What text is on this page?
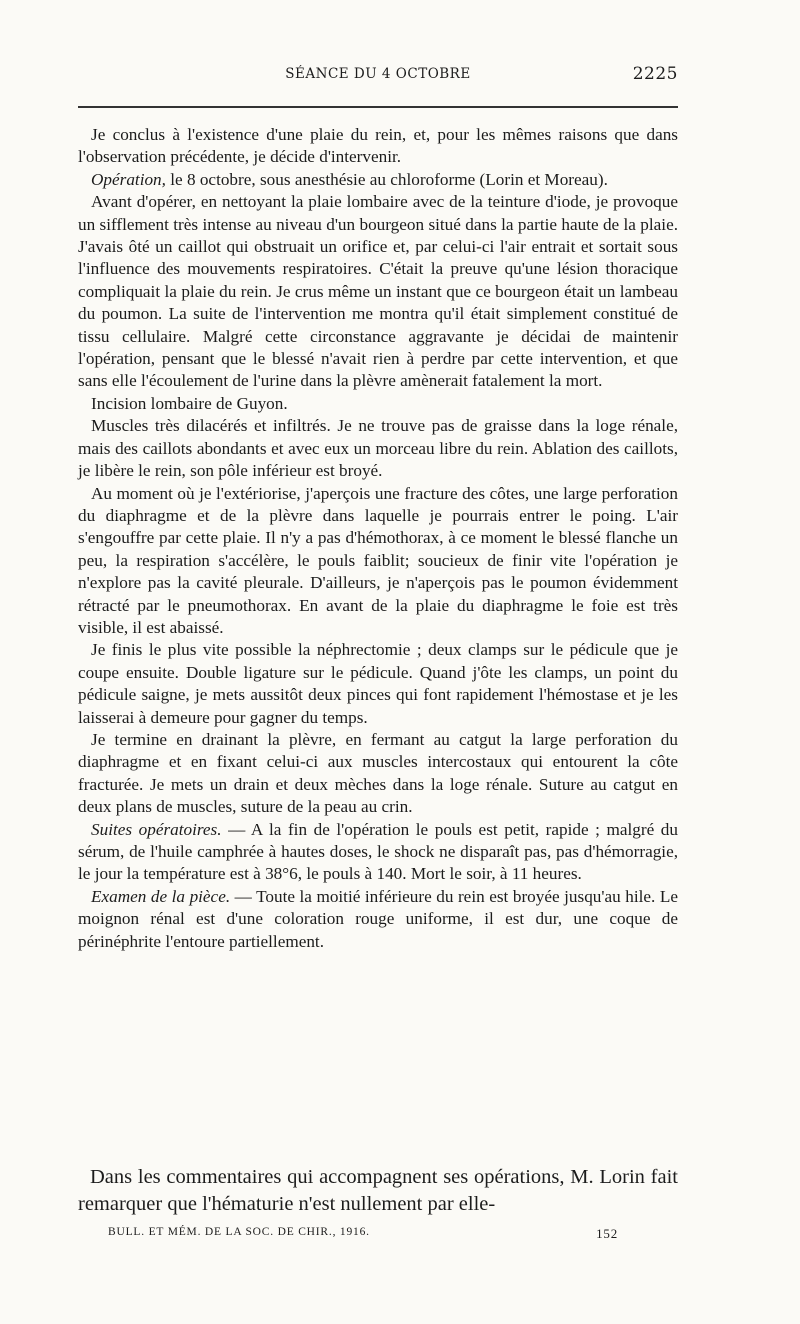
SÉANCE DU 4 OCTOBRE	2225

Je conclus à l'existence d'une plaie du rein, et, pour les mêmes raisons que dans l'observation précédente, je décide d'intervenir.

Opération, le 8 octobre, sous anesthésie au chloroforme (Lorin et Moreau).

Avant d'opérer, en nettoyant la plaie lombaire avec de la teinture d'iode, je provoque un sifflement très intense au niveau d'un bourgeon situé dans la partie haute de la plaie. J'avais ôté un caillot qui obstruait un orifice et, par celui-ci l'air entrait et sortait sous l'influence des mouvements respiratoires. C'était la preuve qu'une lésion thoracique compliquait la plaie du rein. Je crus même un instant que ce bourgeon était un lambeau du poumon. La suite de l'intervention me montra qu'il était simplement constitué de tissu cellulaire. Malgré cette circonstance aggravante je décidai de maintenir l'opération, pensant que le blessé n'avait rien à perdre par cette intervention, et que sans elle l'écoulement de l'urine dans la plèvre amènerait fatalement la mort.

Incision lombaire de Guyon.

Muscles très dilacérés et infiltrés. Je ne trouve pas de graisse dans la loge rénale, mais des caillots abondants et avec eux un morceau libre du rein. Ablation des caillots, je libère le rein, son pôle inférieur est broyé.

Au moment où je l'extériorise, j'aperçois une fracture des côtes, une large perforation du diaphragme et de la plèvre dans laquelle je pourrais entrer le poing. L'air s'engouffre par cette plaie. Il n'y a pas d'hémothorax, à ce moment le blessé flanche un peu, la respiration s'accélère, le pouls faiblit; soucieux de finir vite l'opération je n'explore pas la cavité pleurale. D'ailleurs, je n'aperçois pas le poumon évidemment rétracté par le pneumothorax. En avant de la plaie du diaphragme le foie est très visible, il est abaissé.

Je finis le plus vite possible la néphrectomie ; deux clamps sur le pédicule que je coupe ensuite. Double ligature sur le pédicule. Quand j'ôte les clamps, un point du pédicule saigne, je mets aussitôt deux pinces qui font rapidement l'hémostase et je les laisserai à demeure pour gagner du temps.

Je termine en drainant la plèvre, en fermant au catgut la large perforation du diaphragme et en fixant celui-ci aux muscles intercostaux qui entourent la côte fracturée. Je mets un drain et deux mèches dans la loge rénale. Suture au catgut en deux plans de muscles, suture de la peau au crin.

Suites opératoires. — A la fin de l'opération le pouls est petit, rapide ; malgré du sérum, de l'huile camphrée à hautes doses, le shock ne disparaît pas, pas d'hémorragie, le jour la température est à 38°6, le pouls à 140. Mort le soir, à 11 heures.

Examen de la pièce. — Toute la moitié inférieure du rein est broyée jusqu'au hile. Le moignon rénal est d'une coloration rouge uniforme, il est dur, une coque de périnéphrite l'entoure partiellement.

Dans les commentaires qui accompagnent ses opérations, M. Lorin fait remarquer que l'hématurie n'est nullement par elle-

BULL. ET MÉM. DE LA SOC. DE CHIR., 1916.	152
